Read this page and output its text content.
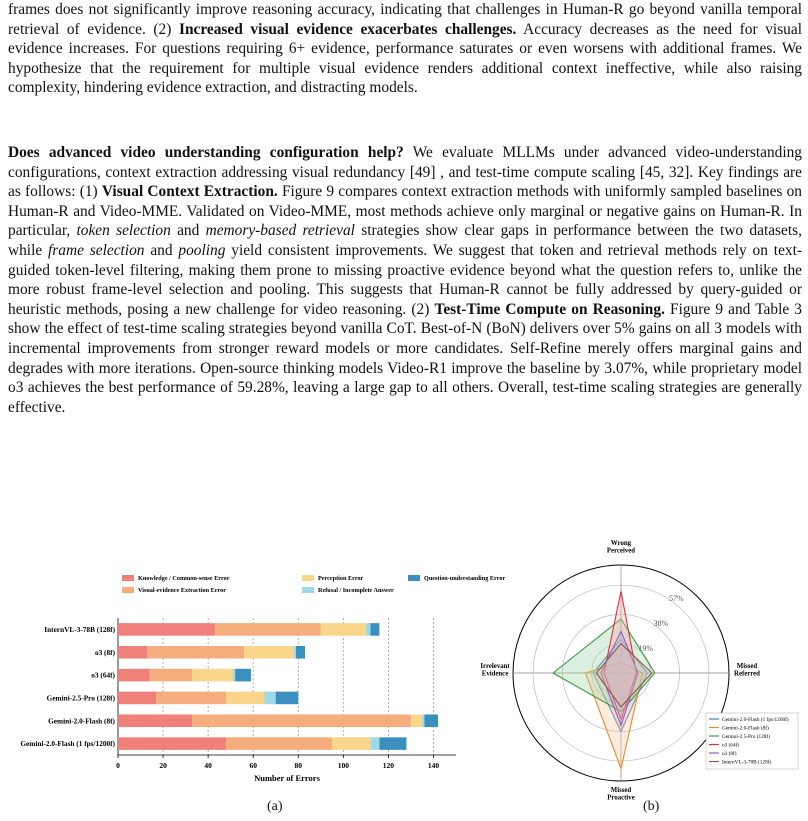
frames does not significantly improve reasoning accuracy, indicating that challenges in Human-R go beyond vanilla temporal retrieval of evidence. (2) Increased visual evidence exacerbates challenges. Accuracy decreases as the need for visual evidence increases. For questions requiring 6+ evidence, performance saturates or even worsens with additional frames. We hypothesize that the requirement for multiple visual evidence renders additional context ineffective, while also raising complexity, hindering evidence extraction, and distracting models.
Does advanced video understanding configuration help? We evaluate MLLMs under advanced video-understanding configurations, context extraction addressing visual redundancy [49] , and test-time compute scaling [45, 32]. Key findings are as follows: (1) Visual Context Extraction. Figure 9 compares context extraction methods with uniformly sampled baselines on Human-R and Video-MME. Validated on Video-MME, most methods achieve only marginal or negative gains on Human-R. In particular, token selection and memory-based retrieval strategies show clear gaps in performance between the two datasets, while frame selection and pooling yield consistent improvements. We suggest that token and retrieval methods rely on text-guided token-level filtering, making them prone to missing proactive evidence beyond what the question refers to, unlike the more robust frame-level selection and pooling. This suggests that Human-R cannot be fully addressed by query-guided or heuristic methods, posing a new challenge for video reasoning. (2) Test-Time Compute on Reasoning. Figure 9 and Table 3 show the effect of test-time scaling strategies beyond vanilla CoT. Best-of-N (BoN) delivers over 5% gains on all 3 models with incremental improvements from stronger reward models or more candidates. Self-Refine merely offers marginal gains and degrades with more iterations. Open-source thinking models Video-R1 improve the baseline by 3.07%, while proprietary model o3 achieves the best performance of 59.28%, leaving a large gap to all others. Overall, test-time scaling strategies are generally effective.
0	20	40	60	80	100	120	140
Number of Errors
InternVL-3-78B (128f)
o3 (8f)
o3 (64f)
Gemini-2.5-Pro (128f)
Gemini-2.0-Flash (8f)
Gemini-2.0-Flash (1 fps/1200f)
Knowledge / Common-sense Error
Visual-evidence Extraction Error
Perception Error
Refusal / Incomplete Answer
Question-understanding Error
19%
38%
57%
Wrong Perceived
Missed Referred
Missed Proactive
Irrelevant Evidence
Gemini-2.0-Flash (1 fps/1200f)
Gemini-2.0-Flash (8f)
Gemini-2.5-Pro (128f)
o3 (64f)
o3 (8f)
InternVL-3-78B (128f)
(a)	(b)
